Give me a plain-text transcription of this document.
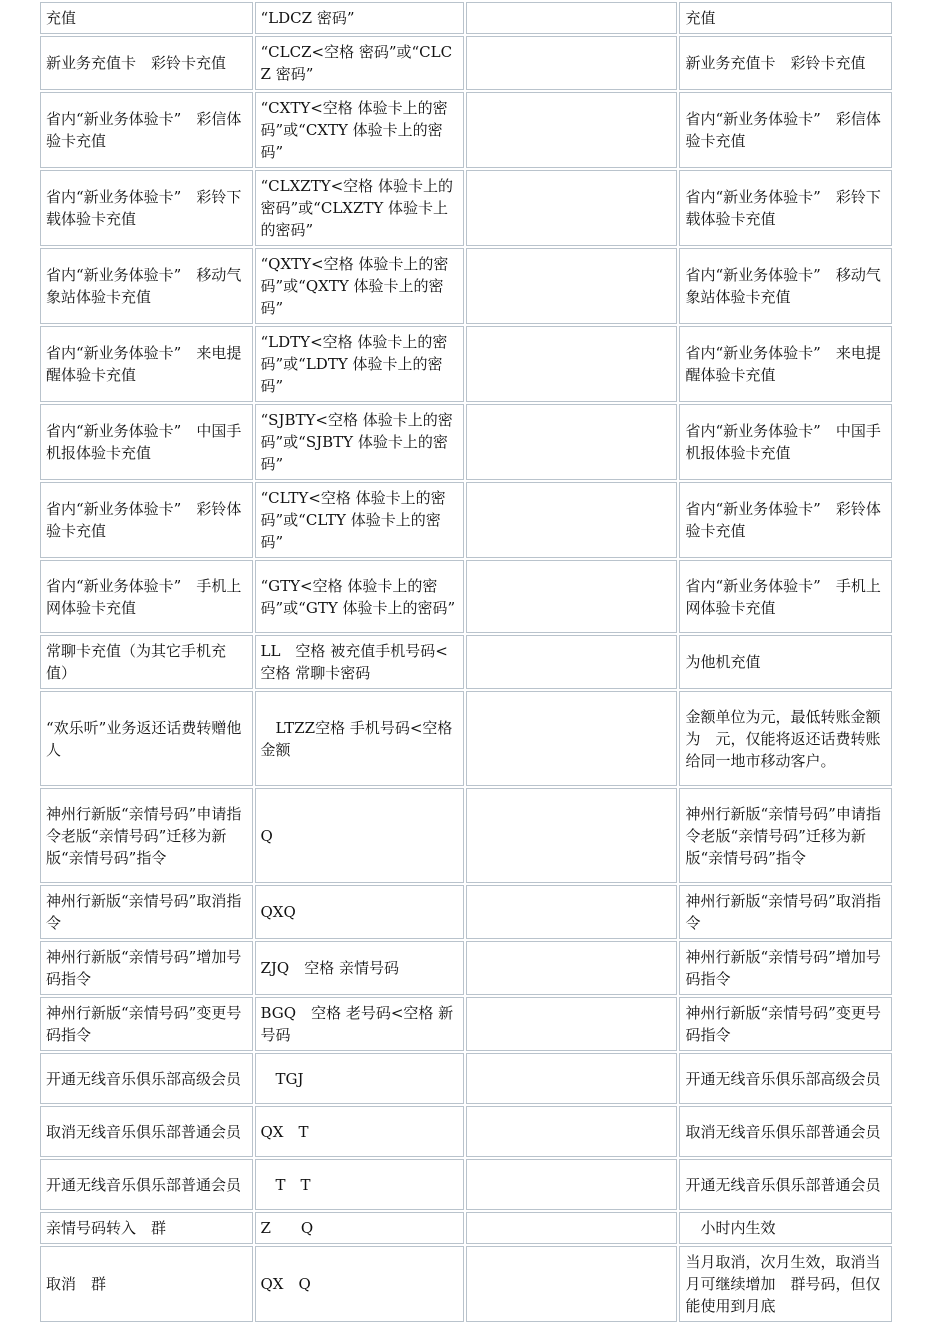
充值	“LDCZ 密码”		充值
新业务充值卡　彩铃卡充值	“CLCZ<空格 密码”或“CLCZ 密码”		新业务充值卡　彩铃卡充值
省内“新业务体验卡”　彩信体验卡充值	“CXTY<空格 体验卡上的密码”或“CXTY 体验卡上的密码”		省内“新业务体验卡”　彩信体验卡充值
省内“新业务体验卡”　彩铃下载体验卡充值	“CLXZTY<空格 体验卡上的密码”或“CLXZTY 体验卡上的密码”		省内“新业务体验卡”　彩铃下载体验卡充值
省内“新业务体验卡”　移动气象站体验卡充值	“QXTY<空格 体验卡上的密码”或“QXTY 体验卡上的密码”		省内“新业务体验卡”　移动气象站体验卡充值
省内“新业务体验卡”　来电提醒体验卡充值	“LDTY<空格 体验卡上的密码”或“LDTY 体验卡上的密码”		省内“新业务体验卡”　来电提醒体验卡充值
省内“新业务体验卡”　中国手机报体验卡充值	“SJBTY<空格 体验卡上的密码”或“SJBTY 体验卡上的密码”		省内“新业务体验卡”　中国手机报体验卡充值
省内“新业务体验卡”　彩铃体验卡充值	“CLTY<空格 体验卡上的密码”或“CLTY 体验卡上的密码”		省内“新业务体验卡”　彩铃体验卡充值
省内“新业务体验卡”　手机上网体验卡充值	“GTY<空格 体验卡上的密码”或“GTY 体验卡上的密码”		省内“新业务体验卡”　手机上网体验卡充值
常聊卡充值（为其它手机充值）	LL　空格 被充值手机号码<空格 常聊卡密码		为他机充值
“欢乐听”业务返还话费转赠他人	　LTZZ空格 手机号码<空格 金额		金额单位为元，最低转账金额为　元，仅能将返还话费转账给同一地市移动客户。
神州行新版“亲情号码”申请指令老版“亲情号码”迁移为新版“亲情号码”指令	Q		神州行新版“亲情号码”申请指令老版“亲情号码”迁移为新版“亲情号码”指令
神州行新版“亲情号码”取消指令	QXQ		神州行新版“亲情号码”取消指令
神州行新版“亲情号码”增加号码指令	ZJQ　空格 亲情号码		神州行新版“亲情号码”增加号码指令
神州行新版“亲情号码”变更号码指令	BGQ　空格 老号码<空格 新号码		神州行新版“亲情号码”变更号码指令
开通无线音乐俱乐部高级会员	　TGJ		开通无线音乐俱乐部高级会员
取消无线音乐俱乐部普通会员	QX　T		取消无线音乐俱乐部普通会员
开通无线音乐俱乐部普通会员	　T　T		开通无线音乐俱乐部普通会员
亲情号码转入　群	Z　　Q		　小时内生效
取消　群	QX　Q		当月取消，次月生效，取消当月可继续增加　群号码，但仅能使用到月底
